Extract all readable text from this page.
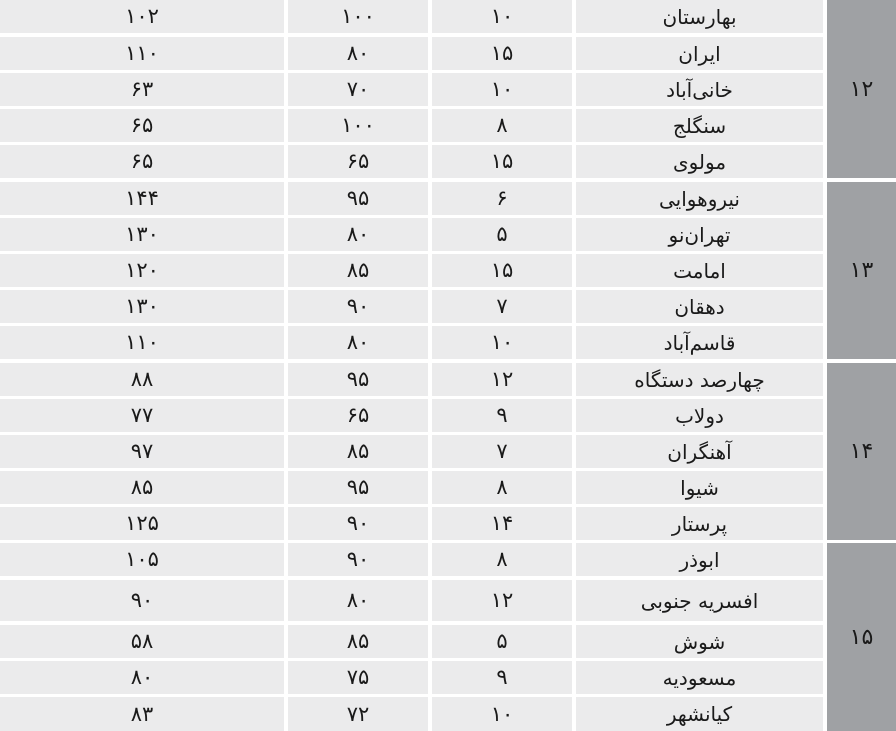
۱۲
۱۰۲	۱۰۰	۱۰	بهارستان
۱۱۰	۸۰	۱۵	ایران
۶۳	۷۰	۱۰	خانی‌آباد
۶۵	۱۰۰	۸	سنگلج
۶۵	۶۵	۱۵	مولوی
۱۳
۱۴۴	۹۵	۶	نیروهوایی
۱۳۰	۸۰	۵	تهران‌نو
۱۲۰	۸۵	۱۵	امامت
۱۳۰	۹۰	۷	دهقان
۱۱۰	۸۰	۱۰	قاسم‌آباد
۱۴
۸۸	۹۵	۱۲	چهارصد دستگاه
۷۷	۶۵	۹	دولاب
۹۷	۸۵	۷	آهنگران
۸۵	۹۵	۸	شیوا
۱۲۵	۹۰	۱۴	پرستار
۱۵
۱۰۵	۹۰	۸	ابوذر
۹۰	۸۰	۱۲	افسریه جنوبی
۵۸	۸۵	۵	شوش
۸۰	۷۵	۹	مسعودیه
۸۳	۷۲	۱۰	کیانشهر
